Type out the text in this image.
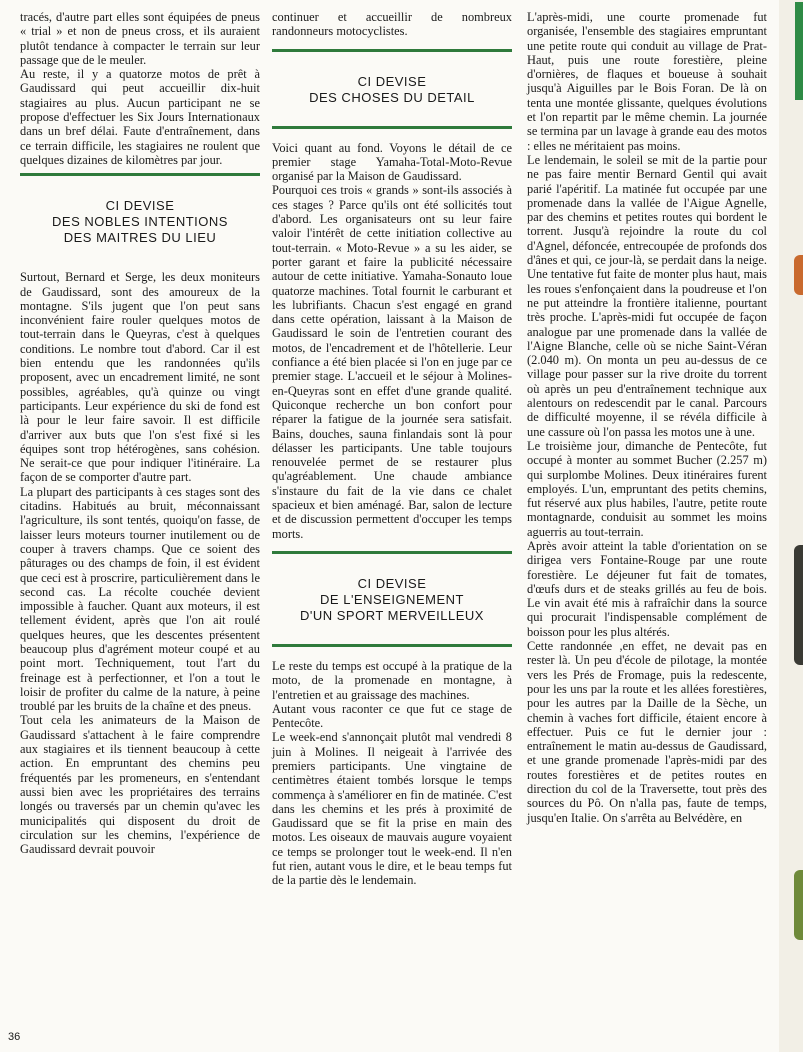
tracés, d'autre part elles sont équipées de pneus « trial » et non de pneus cross, et ils auraient plutôt tendance à compacter le terrain sur leur passage que de le meuler.

Au reste, il y a quatorze motos de prêt à Gaudissard qui peut accueillir dix-huit stagiaires au plus. Aucun participant ne se propose d'effectuer les Six Jours Internationaux dans un bref délai. Faute d'entraînement, dans ce terrain difficile, les stagiaires ne roulent que quelques dizaines de kilomètres par jour.

CI DEVISE
DES NOBLES INTENTIONS
DES MAITRES DU LIEU

Surtout, Bernard et Serge, les deux moniteurs de Gaudissard, sont des amoureux de la montagne. S'ils jugent que l'on peut sans inconvénient faire rouler quelques motos de tout-terrain dans le Queyras, c'est à quelques conditions. Le nombre tout d'abord. Car il est bien entendu que les randonnées qu'ils proposent, avec un encadrement limité, ne sont possibles, agréables, qu'à quinze ou vingt participants. Leur expérience du ski de fond est là pour le leur faire savoir. Il est difficile d'arriver aux buts que l'on s'est fixé si les équipes sont trop hétérogènes, sans cohésion. Ne serait-ce que pour indiquer l'itinéraire. La façon de se comporter d'autre part.

La plupart des participants à ces stages sont des citadins. Habitués au bruit, méconnaissant l'agriculture, ils sont tentés, quoiqu'on fasse, de laisser leurs moteurs tourner inutilement ou de couper à travers champs. Que ce soient des pâturages ou des champs de foin, il est évident que ceci est à proscrire, particulièrement dans le second cas. La récolte couchée devient impossible à faucher. Quant aux moteurs, il est tellement évident, après que l'on ait roulé quelques heures, que les descentes présentent beaucoup plus d'agrément moteur coupé et au point mort. Techniquement, tout l'art du freinage est à perfectionner, et l'on a tout le loisir de profiter du calme de la nature, à peine troublé par les bruits de la chaîne et des pneus.

Tout cela les animateurs de la Maison de Gaudissard s'attachent à le faire comprendre aux stagiaires et ils tiennent beaucoup à cette action. En empruntant des chemins peu fréquentés par les promeneurs, en s'entendant aussi bien avec les propriétaires des terrains longés ou traversés par un chemin qu'avec les municipalités qui disposent du droit de circulation sur les chemins, l'expérience de Gaudissard devrait pouvoir

continuer et accueillir de nombreux randonneurs motocyclistes.

CI DEVISE
DES CHOSES DU DETAIL

Voici quant au fond. Voyons le détail de ce premier stage Yamaha-Total-Moto-Revue organisé par la Maison de Gaudissard.

Pourquoi ces trois « grands » sont-ils associés à ces stages ? Parce qu'ils ont été sollicités tout d'abord. Les organisateurs ont su leur faire valoir l'intérêt de cette initiation collective au tout-terrain. « Moto-Revue » a su les aider, se porter garant et faire la publicité nécessaire autour de cette initiative. Yamaha-Sonauto loue quatorze machines. Total fournit le carburant et les lubrifiants. Chacun s'est engagé en grand dans cette opération, laissant à la Maison de Gaudissard le soin de l'entretien courant des motos, de l'encadrement et de l'hôtellerie. Leur confiance a été bien placée si l'on en juge par ce premier stage. L'accueil et le séjour à Molines-en-Queyras sont en effet d'une grande qualité. Quiconque recherche un bon confort pour réparer la fatigue de la journée sera satisfait. Bains, douches, sauna finlandais sont là pour délasser les participants. Une table toujours renouvelée permet de se restaurer plus qu'agréablement. Une chaude ambiance s'instaure du fait de la vie dans ce chalet spacieux et bien aménagé. Bar, salon de lecture et de discussion permettent d'occuper les temps morts.

CI DEVISE
DE L'ENSEIGNEMENT
D'UN SPORT MERVEILLEUX

Le reste du temps est occupé à la pratique de la moto, de la promenade en montagne, à l'entretien et au graissage des machines.

Autant vous raconter ce que fut ce stage de Pentecôte.

Le week-end s'annonçait plutôt mal vendredi 8 juin à Molines. Il neigeait à l'arrivée des premiers participants. Une vingtaine de centimètres étaient tombés lorsque le temps commença à s'améliorer en fin de matinée. C'est dans les chemins et les prés à proximité de Gaudissard que se fit la prise en main des motos. Les oiseaux de mauvais augure voyaient ce temps se prolonger tout le week-end. Il n'en fut rien, autant vous le dire, et le beau temps fut de la partie dès le lendemain.

L'après-midi, une courte promenade fut organisée, l'ensemble des stagiaires empruntant une petite route qui conduit au village de Prat-Haut, puis une route forestière, pleine d'ornières, de flaques et boueuse à souhait jusqu'à Aiguilles par le Bois Foran. De là on tenta une montée glissante, quelques évolutions et l'on repartit par le même chemin. La journée se termina par un lavage à grande eau des motos : elles ne méritaient pas moins.

Le lendemain, le soleil se mit de la partie pour ne pas faire mentir Bernard Gentil qui avait parié l'apéritif. La matinée fut occupée par une promenade dans la vallée de l'Aigue Agnelle, par des chemins et petites routes qui bordent le torrent. Jusqu'à rejoindre la route du col d'Agnel, défoncée, entrecoupée de profonds dos d'ânes et qui, ce jour-là, se perdait dans la neige. Une tentative fut faite de monter plus haut, mais les roues s'enfonçaient dans la poudreuse et l'on ne put atteindre la frontière italienne, pourtant très proche. L'après-midi fut occupée de façon analogue par une promenade dans la vallée de l'Aigne Blanche, celle où se niche Saint-Véran (2.040 m). On monta un peu au-dessus de ce village pour passer sur la rive droite du torrent où après un peu d'entraînement technique aux alentours on redescendit par le canal. Parcours de difficulté moyenne, il se révéla difficile à une cassure où l'on passa les motos une à une.

Le troisième jour, dimanche de Pentecôte, fut occupé à monter au sommet Bucher (2.257 m) qui surplombe Molines. Deux itinéraires furent employés. L'un, empruntant des petits chemins, fut réservé aux plus habiles, l'autre, petite route montagnarde, conduisit au sommet les moins aguerris au tout-terrain.

Après avoir atteint la table d'orientation on se dirigea vers Fontaine-Rouge par une route forestière. Le déjeuner fut fait de tomates, d'œufs durs et de steaks grillés au feu de bois. Le vin avait été mis à rafraîchir dans la source qui procurait l'indispensable complément de boisson pour les plus altérés.

Cette randonnée ,en effet, ne devait pas en rester là. Un peu d'école de pilotage, la montée vers les Prés de Fromage, puis la redescente, pour les uns par la route et les allées forestières, pour les autres par la Daille de la Sèche, un chemin à vaches fort difficile, étaient encore à effectuer. Puis ce fut le dernier jour : entraînement le matin au-dessus de Gaudissard, et une grande promenade l'après-midi par des routes forestières et de petites routes en direction du col de la Traversette, tout près des sources du Pô. On n'alla pas, faute de temps, jusqu'en Italie. On s'arrêta au Belvédère, en

36
